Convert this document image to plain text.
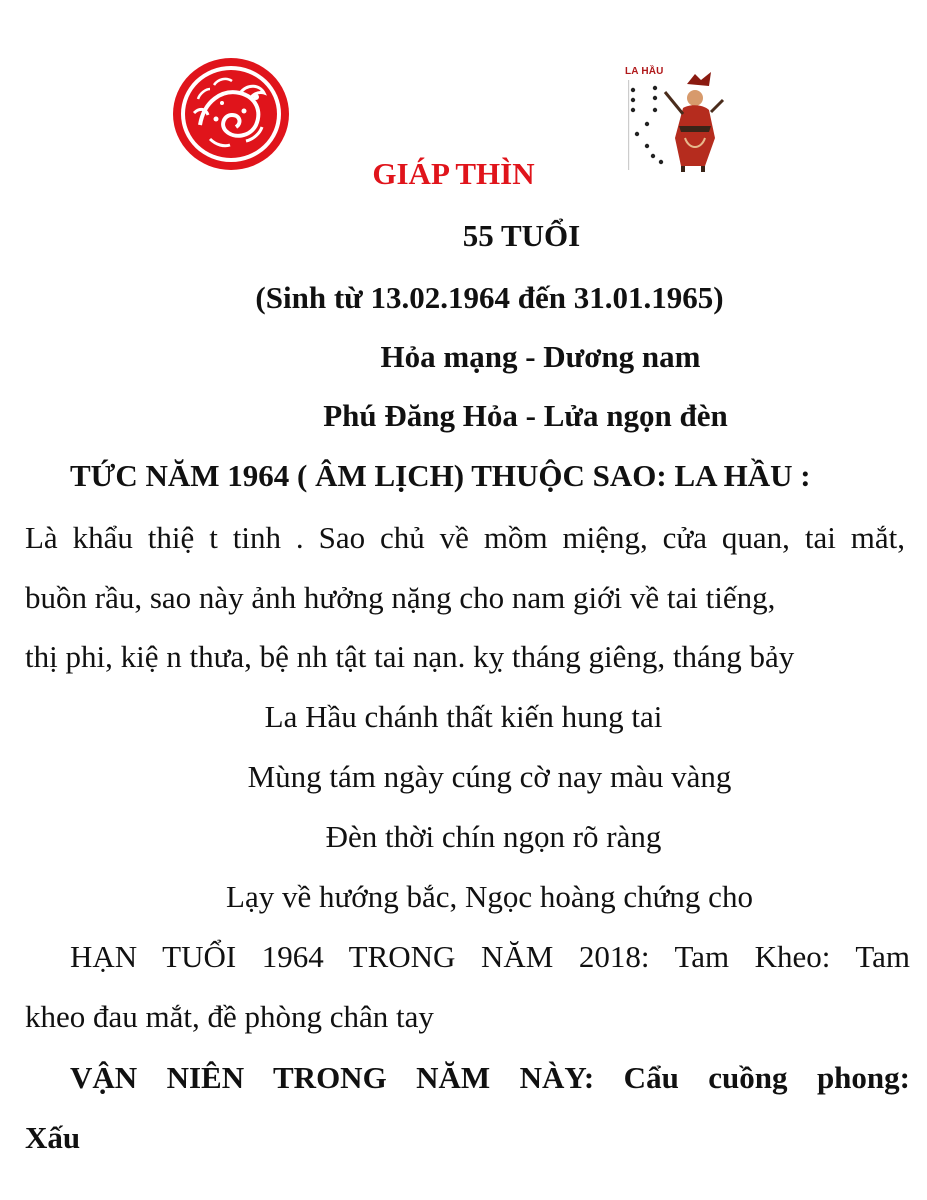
LA HẦU
GIÁP THÌN
55 TUỔI
(Sinh từ 13.02.1964 đến 31.01.1965)
Hỏa mạng - Dương nam
Phú Đăng Hỏa - Lửa ngọn đèn
TỨC NĂM 1964 ( ÂM LỊCH) THUỘC SAO: LA HẦU :
Là khẩu thiệ t tinh . Sao chủ về mồm miệng, cửa quan, tai mắt,
buồn rầu, sao này ảnh hưởng nặng cho nam giới về tai tiếng,
thị phi, kiệ n thưa, bệ nh tật tai nạn. kỵ tháng giêng, tháng bảy
La Hầu chánh thất kiến hung tai
Mùng tám ngày cúng cờ nay màu vàng
Đèn thời chín ngọn rõ ràng
Lạy về hướng bắc, Ngọc hoàng chứng cho
HẠN TUỔI 1964 TRONG NĂM 2018: Tam Kheo: Tam
kheo đau mắt, đề phòng chân tay
VẬN NIÊN TRONG NĂM NÀY: Cẩu cuồng phong:
Xấu
